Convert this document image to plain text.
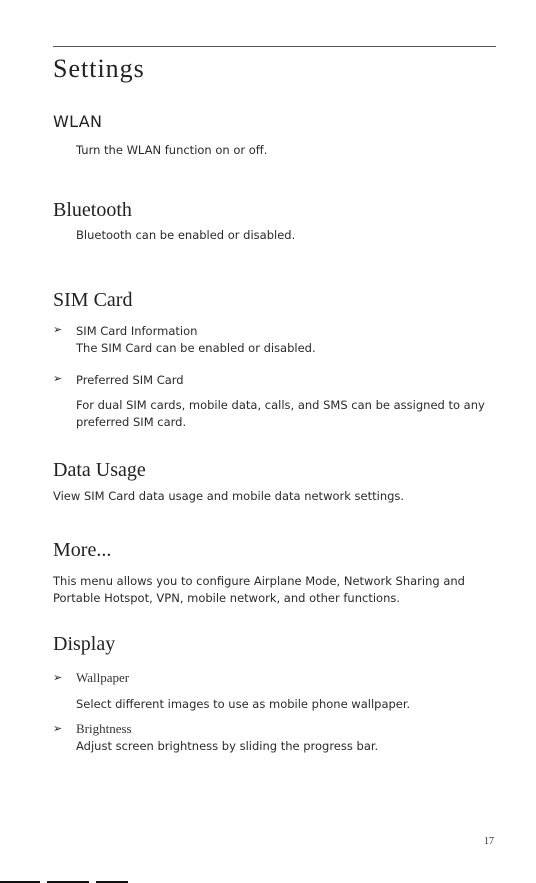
Settings
WLAN
Turn the WLAN function on or off.
Bluetooth
Bluetooth can be enabled or disabled.
SIM Card
➢ SIM Card Information
The SIM Card can be enabled or disabled.
➢ Preferred SIM Card
For dual SIM cards, mobile data, calls, and SMS can be assigned to any
preferred SIM card.
Data Usage
View SIM Card data usage and mobile data network settings.
More...
This menu allows you to configure Airplane Mode, Network Sharing and
Portable Hotspot, VPN, mobile network, and other functions.
Display
➢ Wallpaper
Select different images to use as mobile phone wallpaper.
➢ Brightness
Adjust screen brightness by sliding the progress bar.
17
